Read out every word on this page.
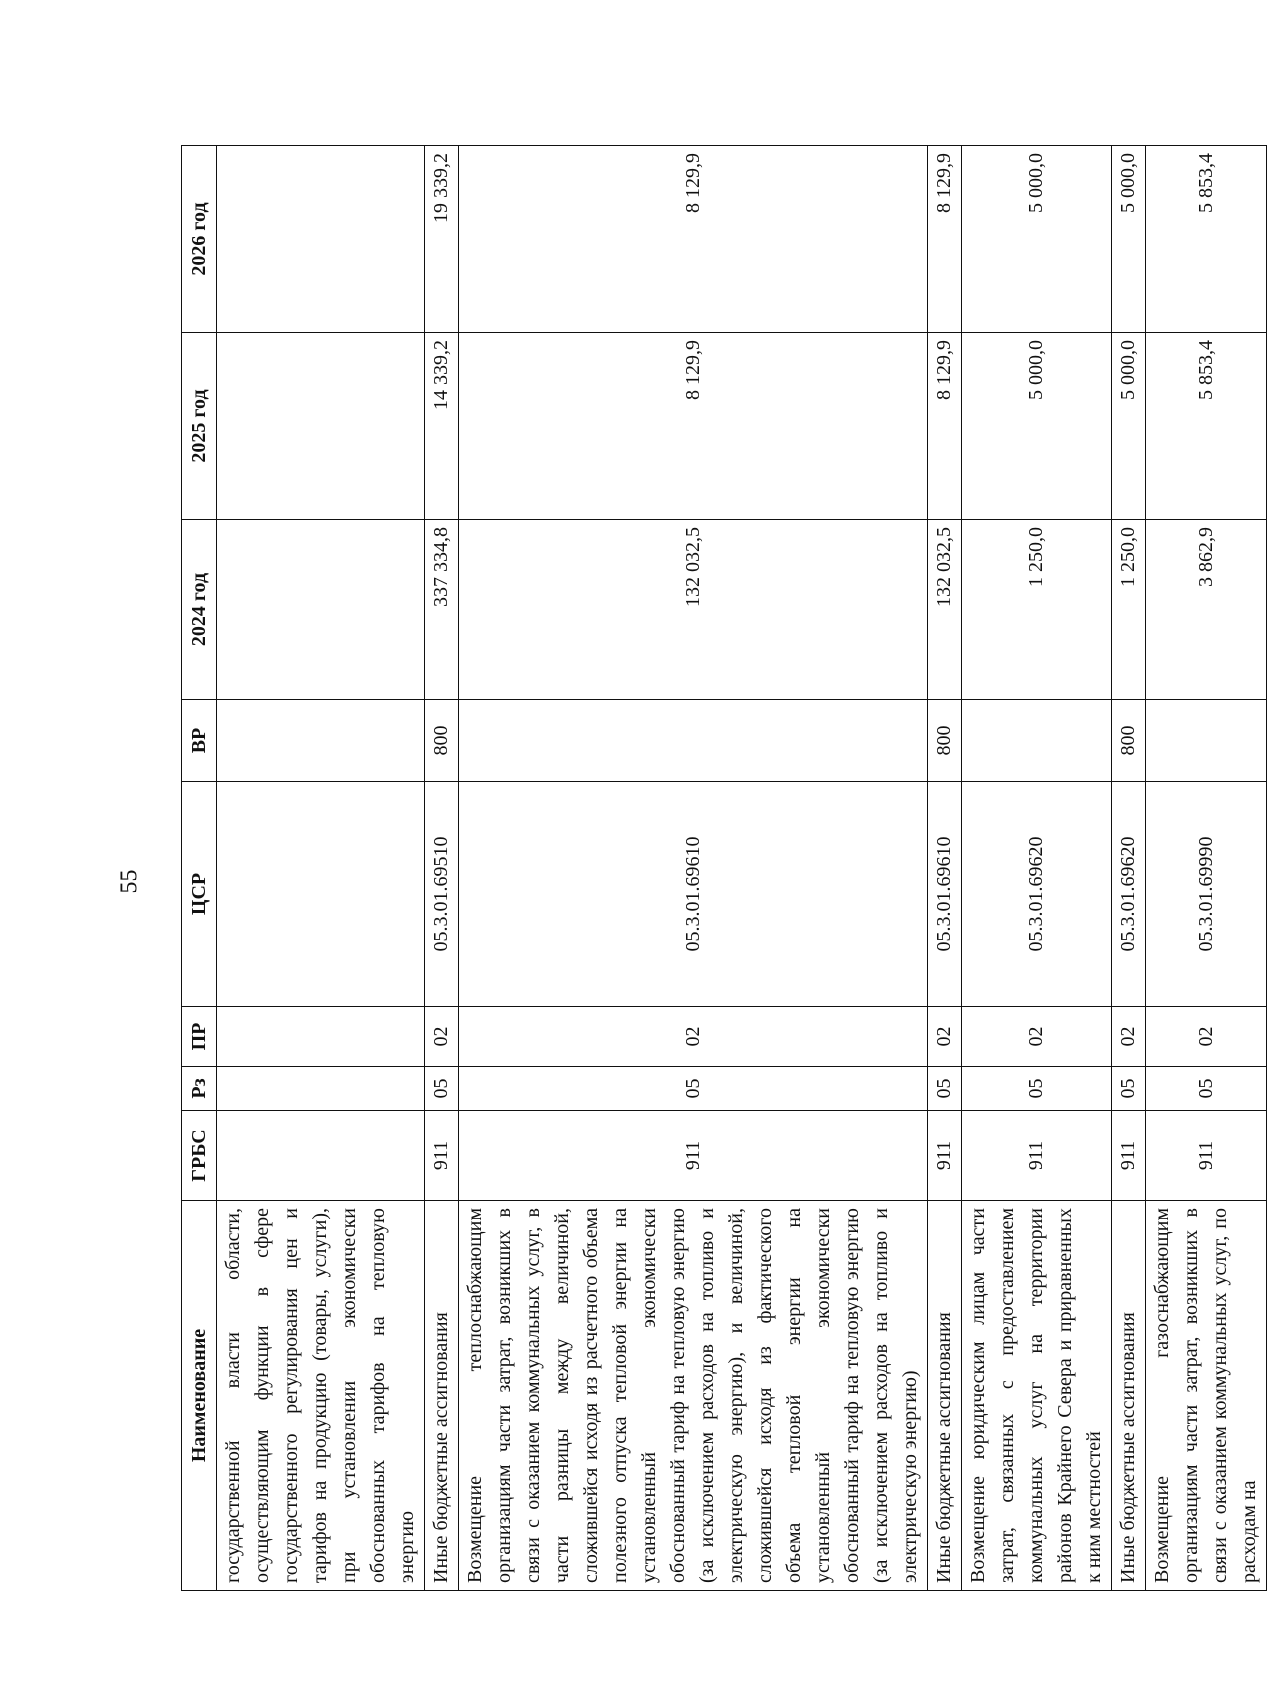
55
Наименование	ГРБС	Рз	ПР	ЦСР	ВР	2024 год	2025 год	2026 год
государственной власти области, осуществляющим функции в сфере государственного регулирования цен и тарифов на продукцию (товары, услуги), при установлении экономически обоснованных тарифов на тепловую энергию								
Иные бюджетные ассигнования	911	05	02	05.3.01.69510	800	337 334,8	14 339,2	19 339,2
Возмещение теплоснабжающим организациям части затрат, возникших в связи с оказанием коммунальных услуг, в части разницы между величиной, сложившейся исходя из расчетного объема полезного отпуска тепловой энергии на установленный экономически обоснованный тариф на тепловую энергию (за исключением расходов на топливо и электрическую энергию), и величиной, сложившейся исходя из фактического объема тепловой энергии на установленный экономически обоснованный тариф на тепловую энергию (за исключением расходов на топливо и электрическую энергию)	911	05	02	05.3.01.69610		132 032,5	8 129,9	8 129,9
Иные бюджетные ассигнования	911	05	02	05.3.01.69610	800	132 032,5	8 129,9	8 129,9
Возмещение юридическим лицам части затрат, связанных с предоставлением коммунальных услуг на территории районов Крайнего Севера и приравненных к ним местностей	911	05	02	05.3.01.69620		1 250,0	5 000,0	5 000,0
Иные бюджетные ассигнования	911	05	02	05.3.01.69620	800	1 250,0	5 000,0	5 000,0
Возмещение газоснабжающим организациям части затрат, возникших в связи с оказанием коммунальных услуг, по расходам на	911	05	02	05.3.01.69990		3 862,9	5 853,4	5 853,4
